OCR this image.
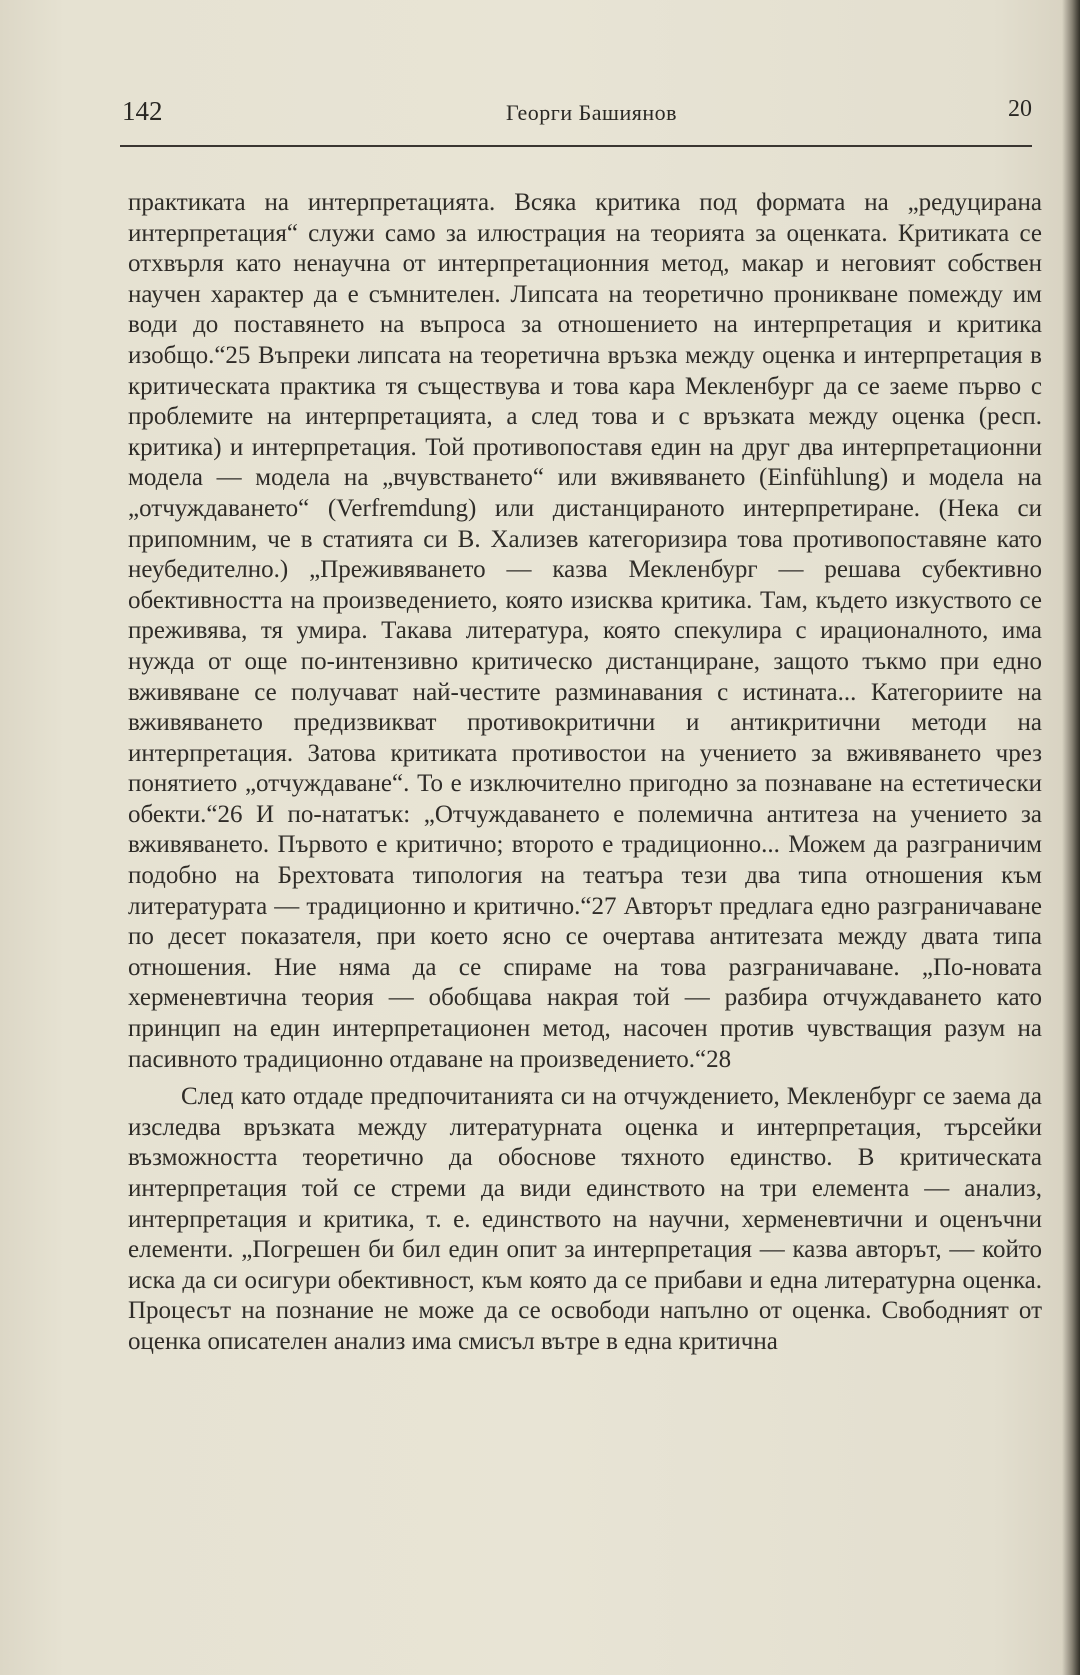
142	Георги Башиянов	20

практиката на интерпретацията. Всяка критика под формата на „редуцирана интерпретация“ служи само за илюстрация на теорията за оценката. Критиката се отхвърля като ненаучна от интерпретационния метод, макар и неговият собствен научен характер да е съмнителен. Липсата на теоретично проникване помежду им води до поставянето на въпроса за отношението на интерпретация и критика изобщо.“25 Въпреки липсата на теоретична връзка между оценка и интерпретация в критическата практика тя съществува и това кара Мекленбург да се заеме първо с проблемите на интерпретацията, а след това и с връзката между оценка (респ. критика) и интерпретация. Той противопоставя един на друг два интерпретационни модела — модела на „вчувстването“ или вживяването (Einfühlung) и модела на „отчуждаването“ (Verfremdung) или дистанцираното интерпретиране. (Нека си припомним, че в статията си В. Хализев категоризира това противопоставяне като неубедително.) „Преживяването — казва Мекленбург — решава субективно обективността на произведението, която изисква критика. Там, където изкуството се преживява, тя умира. Такава литература, която спекулира с ирационалното, има нужда от още по-интензивно критическо дистанциране, защото тъкмо при едно вживяване се получават най-честите разминавания с истината... Категориите на вживяването предизвикват противокритични и антикритични методи на интерпретация. Затова критиката противостои на учението за вживяването чрез понятието „отчуждаване“. То е изключително пригодно за познаване на естетически обекти.“26 И по-нататък: „Отчуждаването е полемична антитеза на учението за вживяването. Първото е критично; второто е традиционно... Можем да разграничим подобно на Брехтовата типология на театъра тези два типа отношения към литературата — традиционно и критично.“27 Авторът предлага едно разграничаване по десет показателя, при което ясно се очертава антитезата между двата типа отношения. Ние няма да се спираме на това разграничаване. „По-новата херменевтична теория — обобщава накрая той — разбира отчуждаването като принцип на един интерпретационен метод, насочен против чувстващия разум на пасивното традиционно отдаване на произведението.“28

След като отдаде предпочитанията си на отчуждението, Мекленбург се заема да изследва връзката между литературната оценка и интерпретация, търсейки възможността теоретично да обоснове тяхното единство. В критическата интерпретация той се стреми да види единството на три елемента — анализ, интерпретация и критика, т. е. единството на научни, херменевтични и оценъчни елементи. „Погрешен би бил един опит за интерпретация — казва авторът, — който иска да си осигури обективност, към която да се прибави и една литературна оценка. Процесът на познание не може да се освободи напълно от оценка. Свободният от оценка описателен анализ има смисъл вътре в една критична
